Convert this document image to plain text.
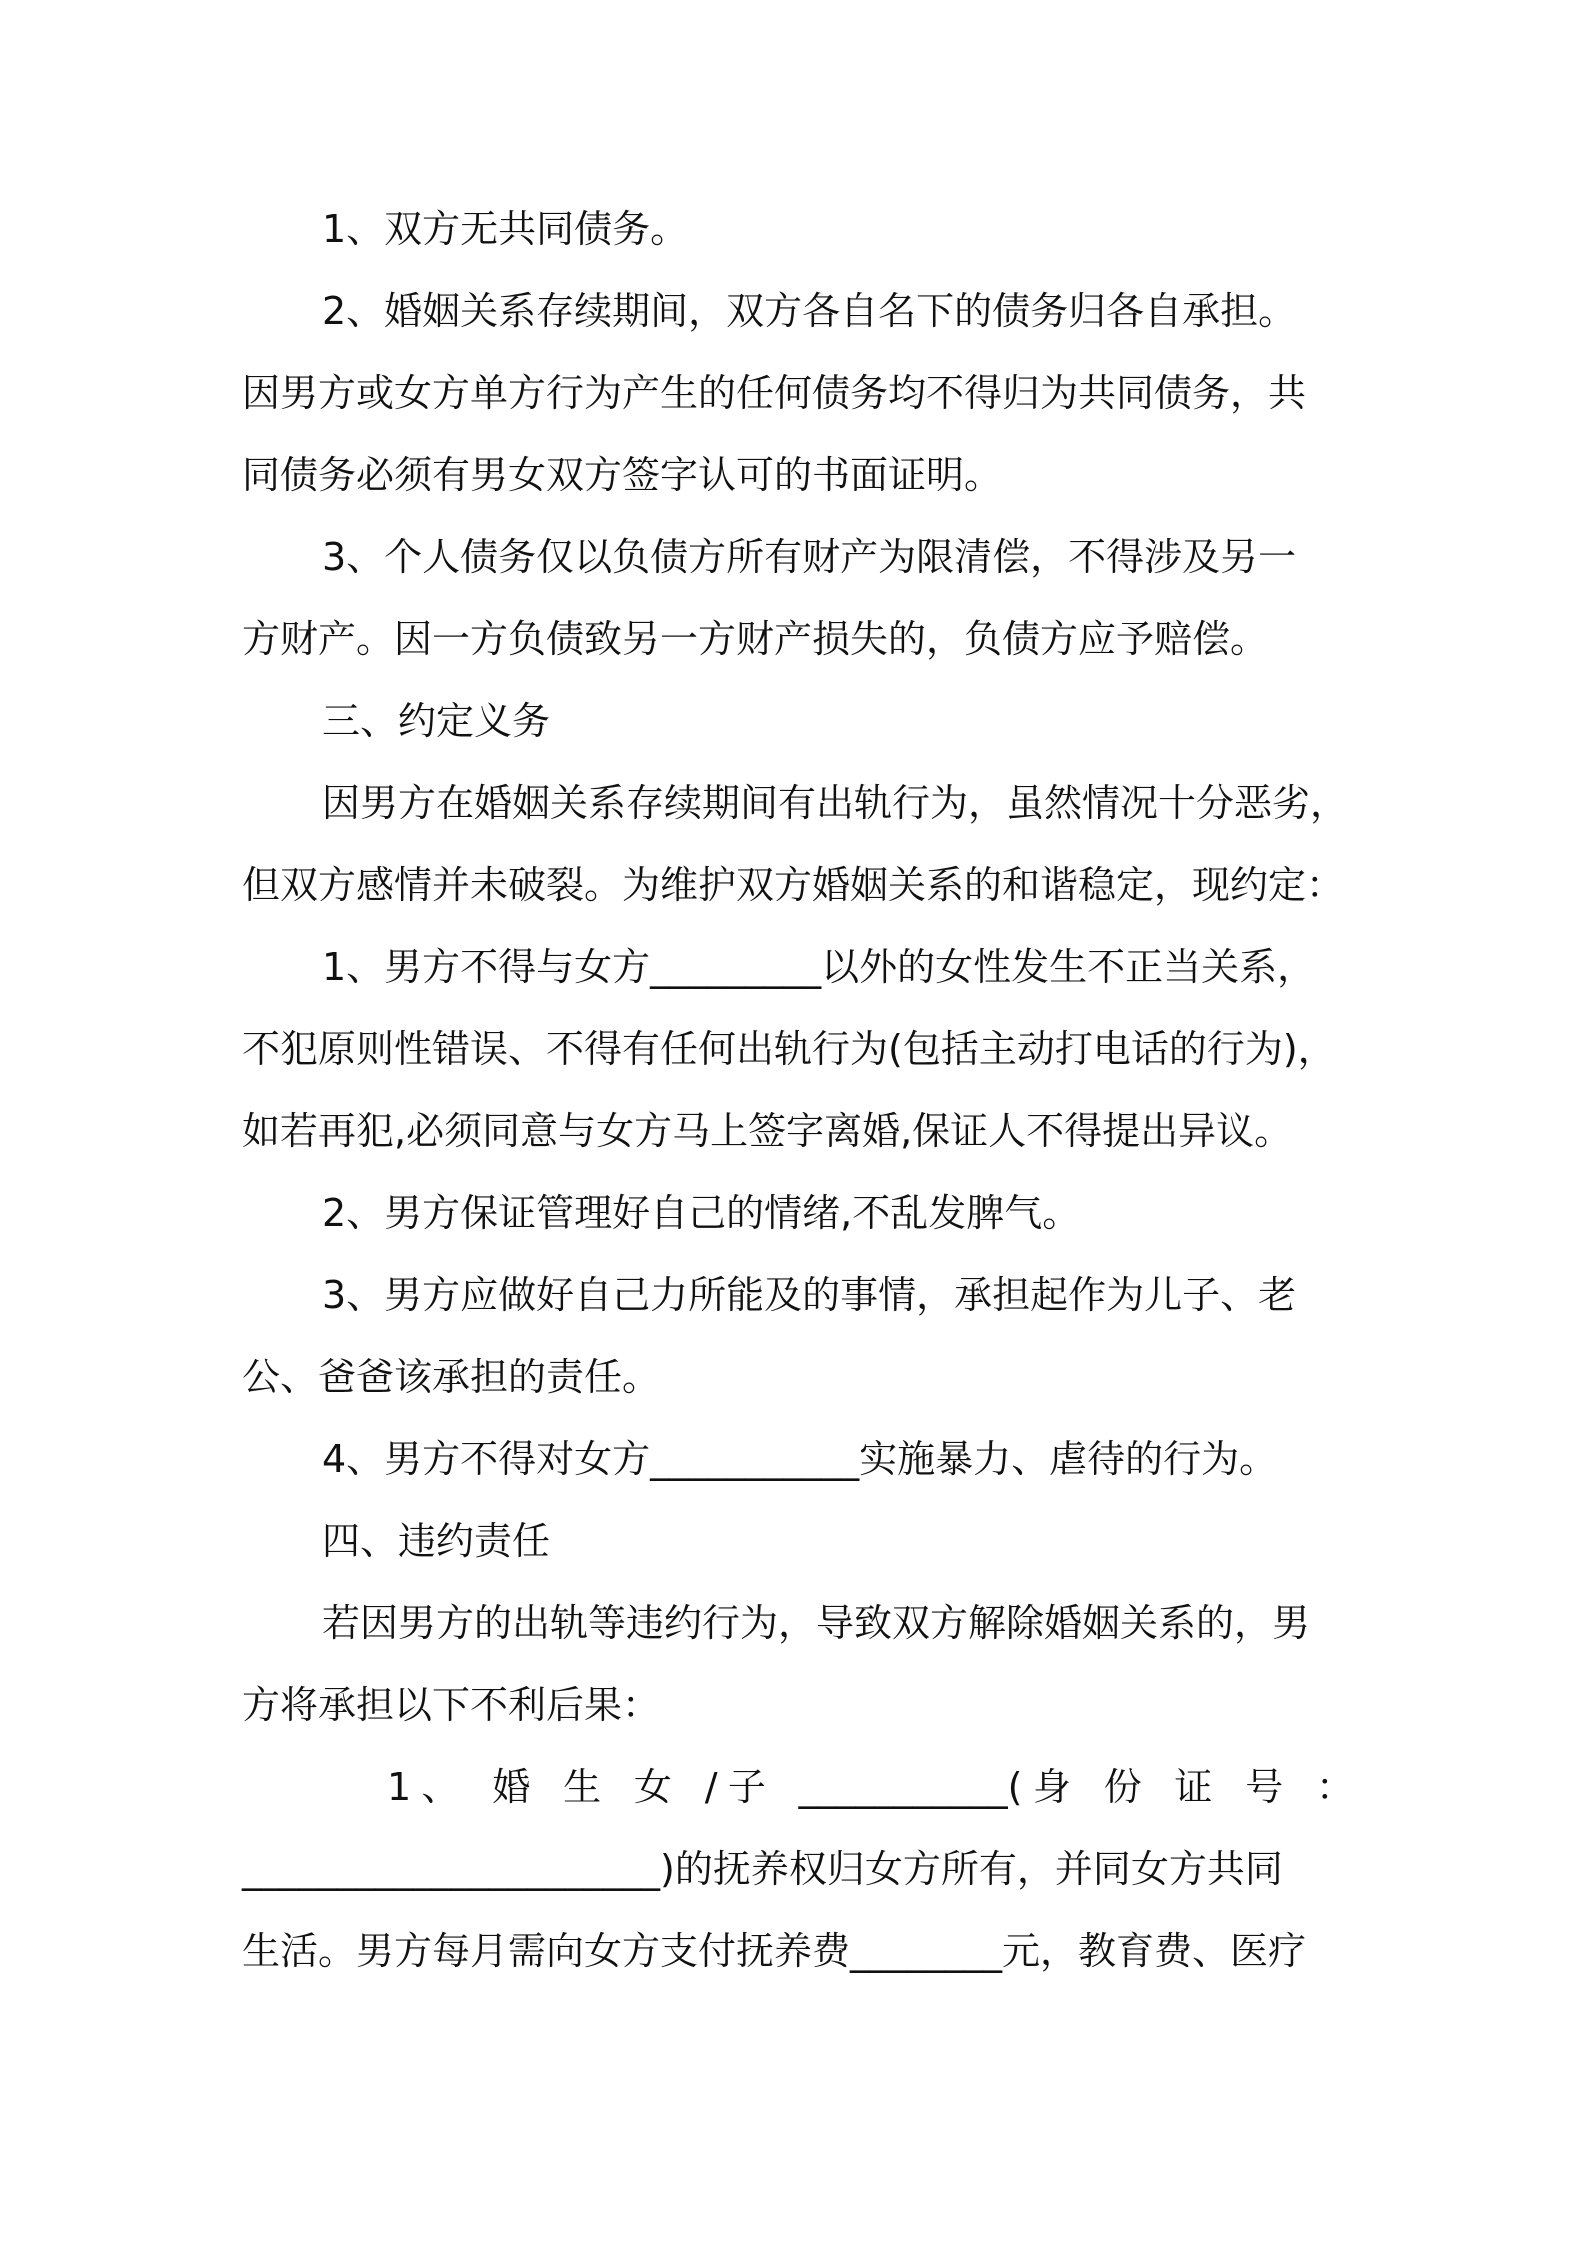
1、双方无共同债务。
2、婚姻关系存续期间，双方各自名下的债务归各自承担。
因男方或女方单方行为产生的任何债务均不得归为共同债务，共
同债务必须有男女双方签字认可的书面证明。
3、个人债务仅以负债方所有财产为限清偿，不得涉及另一
方财产。因一方负债致另一方财产损失的，负债方应予赔偿。
三、约定义务
因男方在婚姻关系存续期间有出轨行为，虽然情况十分恶劣，
但双方感情并未破裂。为维护双方婚姻关系的和谐稳定，现约定：
1、男方不得与女方_________以外的女性发生不正当关系，
不犯原则性错误、不得有任何出轨行为(包括主动打电话的行为)，
如若再犯,必须同意与女方马上签字离婚,保证人不得提出异议。
2、男方保证管理好自己的情绪,不乱发脾气。
3、男方应做好自己力所能及的事情，承担起作为儿子、老
公、爸爸该承担的责任。
4、男方不得对女方___________实施暴力、虐待的行为。
四、违约责任
若因男方的出轨等违约行为，导致双方解除婚姻关系的，男
方将承担以下不利后果：
1、 婚 生 女 /子 ___________(身 份 证 号 ：
______________________)的抚养权归女方所有，并同女方共同
生活。男方每月需向女方支付抚养费________元，教育费、医疗
